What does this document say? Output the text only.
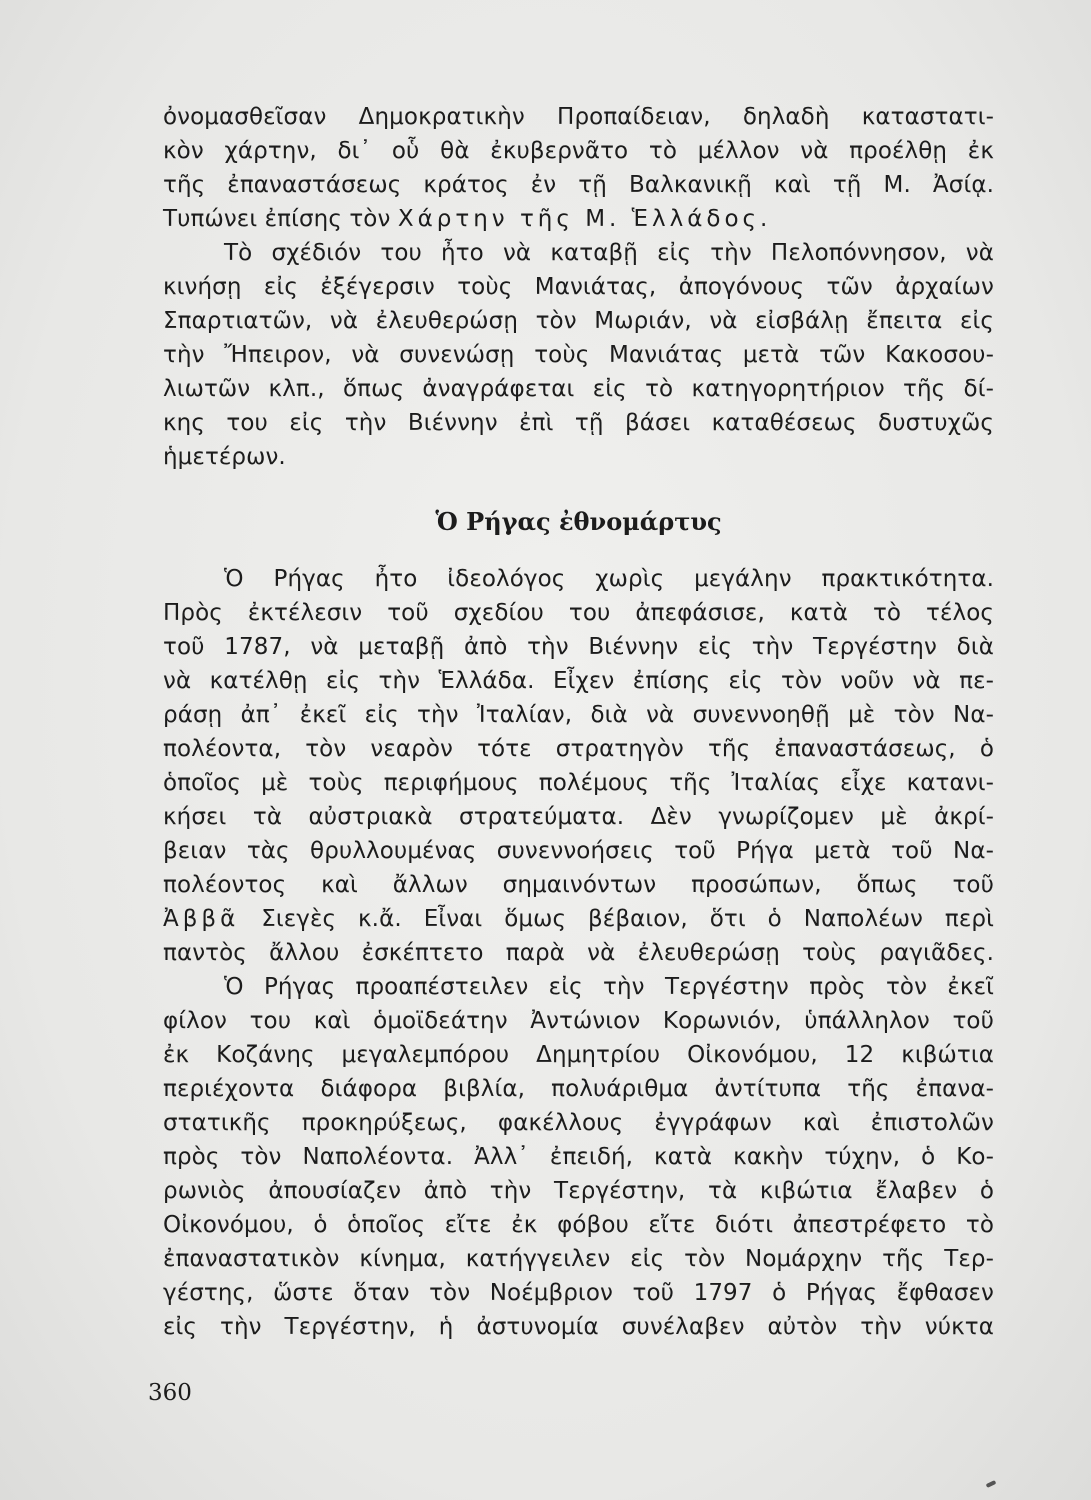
ὀνομασθεῖσαν Δημοκρατικὴν Προπαίδειαν, δηλαδὴ καταστατι-
κὸν χάρτην, δι᾽ οὗ θὰ ἐκυβερνᾶτο τὸ μέλλον νὰ προέλθῃ ἐκ
τῆς ἐπαναστάσεως κράτος ἐν τῇ Βαλκανικῇ καὶ τῇ Μ. Ἀσίᾳ.
Τυπώνει ἐπίσης τὸν Χάρτην τῆς Μ. Ἑλλάδος.
Τὸ σχέδιόν του ἦτο νὰ καταβῇ εἰς τὴν Πελοπόννησον, νὰ
κινήσῃ εἰς ἐξέγερσιν τοὺς Μανιάτας, ἀπογόνους τῶν ἀρχαίων
Σπαρτιατῶν, νὰ ἐλευθερώσῃ τὸν Μωριάν, νὰ εἰσβάλῃ ἔπειτα εἰς
τὴν Ἤπειρον, νὰ συνενώσῃ τοὺς Μανιάτας μετὰ τῶν Κακοσου-
λιωτῶν κλπ., ὅπως ἀναγράφεται εἰς τὸ κατηγορητήριον τῆς δί-
κης του εἰς τὴν Βιέννην ἐπὶ τῇ βάσει καταθέσεως δυστυχῶς
ἡμετέρων.
Ὁ Ρήγας ἐθνομάρτυς
Ὁ Ρήγας ἦτο ἰδεολόγος χωρὶς μεγάλην πρακτικότητα.
Πρὸς ἐκτέλεσιν τοῦ σχεδίου του ἀπεφάσισε, κατὰ τὸ τέλος
τοῦ 1787, νὰ μεταβῇ ἀπὸ τὴν Βιέννην εἰς τὴν Τεργέστην διὰ
νὰ κατέλθῃ εἰς τὴν Ἑλλάδα. Εἶχεν ἐπίσης εἰς τὸν νοῦν νὰ πε-
ράσῃ ἀπ᾽ ἐκεῖ εἰς τὴν Ἰταλίαν, διὰ νὰ συνεννοηθῇ μὲ τὸν Να-
πολέοντα, τὸν νεαρὸν τότε στρατηγὸν τῆς ἐπαναστάσεως, ὁ
ὁποῖος μὲ τοὺς περιφήμους πολέμους τῆς Ἰταλίας εἶχε κατανι-
κήσει τὰ αὐστριακὰ στρατεύματα. Δὲν γνωρίζομεν μὲ ἀκρί-
βειαν τὰς θρυλλουμένας συνεννοήσεις τοῦ Ρήγα μετὰ τοῦ Να-
πολέοντος καὶ ἄλλων σημαινόντων προσώπων, ὅπως τοῦ
Ἀββᾶ Σιεγὲς κ.ἄ. Εἶναι ὅμως βέβαιον, ὅτι ὁ Ναπολέων περὶ
παντὸς ἄλλου ἐσκέπτετο παρὰ νὰ ἐλευθερώσῃ τοὺς ραγιᾶδες.
Ὁ Ρήγας προαπέστειλεν εἰς τὴν Τεργέστην πρὸς τὸν ἐκεῖ
φίλον του καὶ ὁμοϊδεάτην Ἀντώνιον Κορωνιόν, ὑπάλληλον τοῦ
ἐκ Κοζάνης μεγαλεμπόρου Δημητρίου Οἰκονόμου, 12 κιβώτια
περιέχοντα διάφορα βιβλία, πολυάριθμα ἀντίτυπα τῆς ἐπανα-
στατικῆς προκηρύξεως, φακέλλους ἐγγράφων καὶ ἐπιστολῶν
πρὸς τὸν Ναπολέοντα. Ἀλλ᾽ ἐπειδή, κατὰ κακὴν τύχην, ὁ Κο-
ρωνιὸς ἀπουσίαζεν ἀπὸ τὴν Τεργέστην, τὰ κιβώτια ἔλαβεν ὁ
Οἰκονόμου, ὁ ὁποῖος εἴτε ἐκ φόβου εἴτε διότι ἀπεστρέφετο τὸ
ἐπαναστατικὸν κίνημα, κατήγγειλεν εἰς τὸν Νομάρχην τῆς Τερ-
γέστης, ὥστε ὅταν τὸν Νοέμβριον τοῦ 1797 ὁ Ρήγας ἔφθασεν
εἰς τὴν Τεργέστην, ἡ ἀστυνομία συνέλαβεν αὐτὸν τὴν νύκτα
360
